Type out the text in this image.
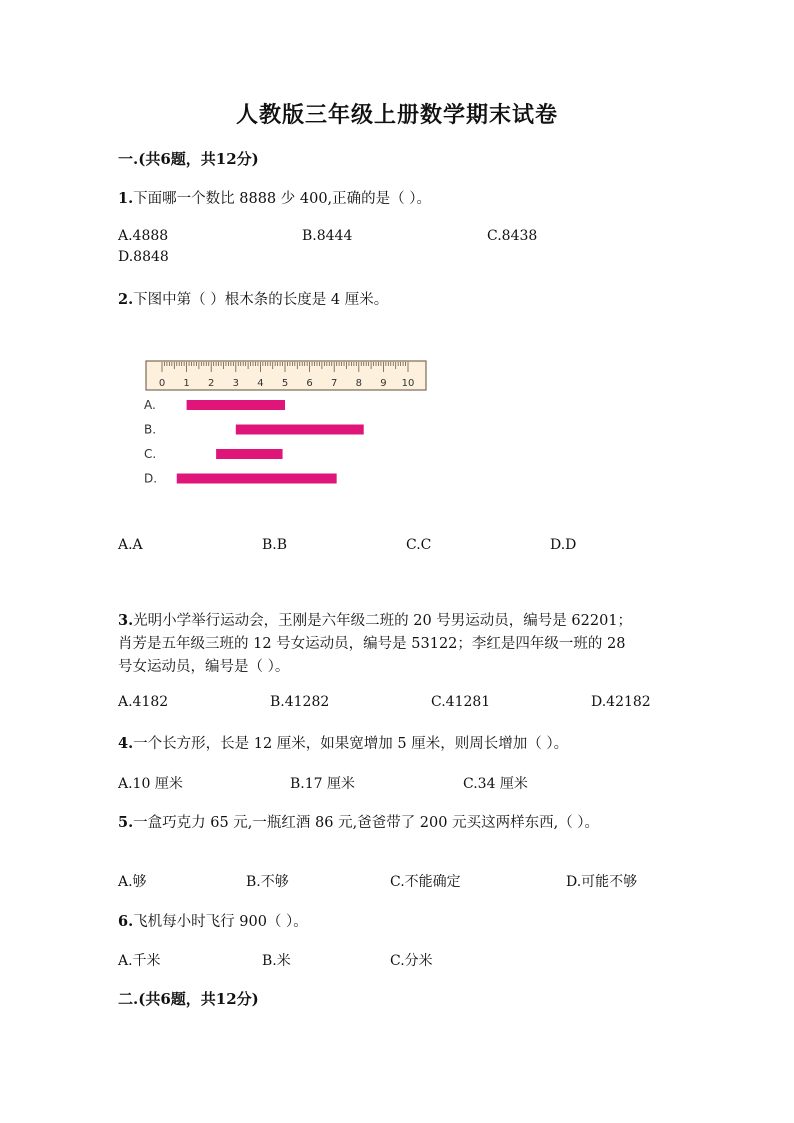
人教版三年级上册数学期末试卷
一.(共6题，共12分)
1.下面哪一个数比 8888 少 400,正确的是（ ）。
A.4888	B.8444	C.8438
D.8848
2.下图中第（ ）根木条的长度是 4 厘米。
0 1 2 3 4 5 6 7 8 9 10
A.
B.
C.
D.
A.A	B.B	C.C	D.D
3.光明小学举行运动会，王刚是六年级二班的 20 号男运动员，编号是 62201；
肖芳是五年级三班的 12 号女运动员，编号是 53122；李红是四年级一班的 28
号女运动员，编号是（ ）。
A.4182	B.41282	C.41281	D.42182
4.一个长方形，长是 12 厘米，如果宽增加 5 厘米，则周长增加（ ）。
A.10 厘米	B.17 厘米	C.34 厘米
5.一盒巧克力 65 元,一瓶红酒 86 元,爸爸带了 200 元买这两样东西,（ ）。
A.够	B.不够	C.不能确定	D.可能不够
6.飞机每小时飞行 900（ ）。
A.千米	B.米	C.分米
二.(共6题，共12分)
